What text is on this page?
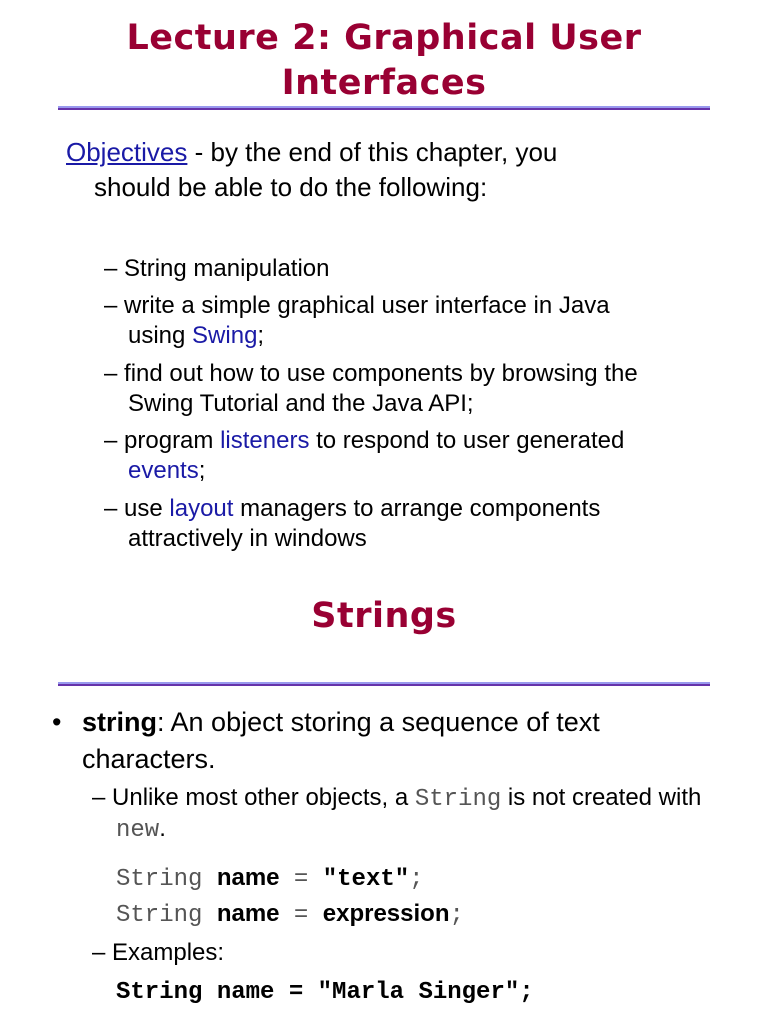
Lecture 2: Graphical User
Interfaces
Objectives - by the end of this chapter, you
should be able to do the following:
– String manipulation
– write a simple graphical user interface in Java
using Swing;
– find out how to use components by browsing the
Swing Tutorial and the Java API;
– program listeners to respond to user generated
events;
– use layout managers to arrange components
attractively in windows
Strings
• string: An object storing a sequence of text
characters.
– Unlike most other objects, a String is not created with
new.
String name = "text";
String name = expression;
– Examples:
String name = "Marla Singer";
